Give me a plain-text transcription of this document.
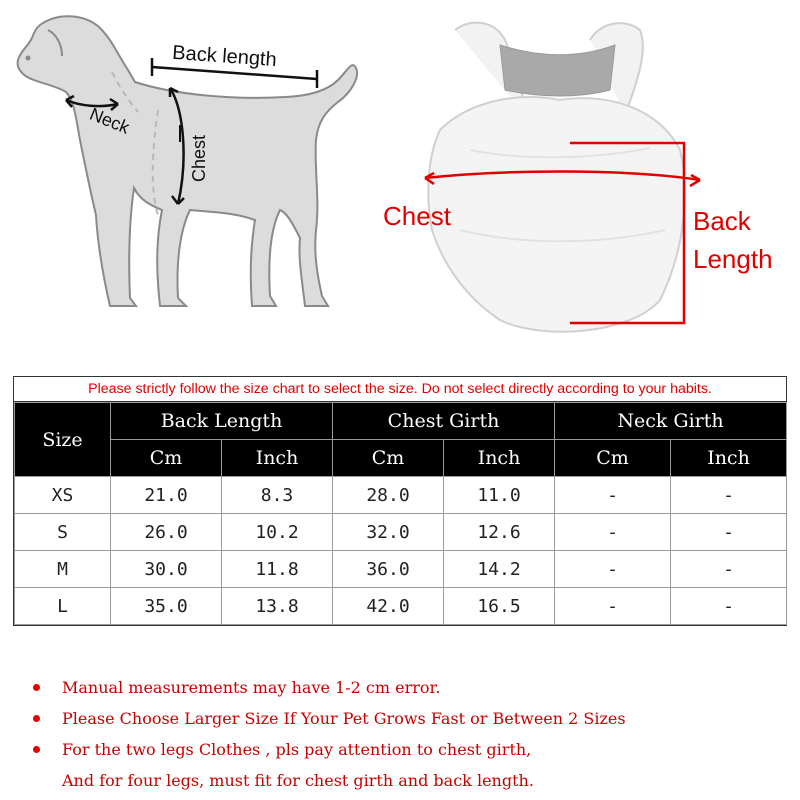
Back length
Neck
Chest
Chest	Back
Length
Please strictly follow the size chart to select the size. Do not select directly according to your habits.
Size	Back Length		Chest Girth		Neck Girth	
	Cm	Inch	Cm	Inch	Cm	Inch
XS	21.0	8.3	28.0	11.0	-	-
S	26.0	10.2	32.0	12.6	-	-
M	30.0	11.8	36.0	14.2	-	-
L	35.0	13.8	42.0	16.5	-	-
Manual measurements may have 1-2 cm error.
Please Choose Larger Size If Your Pet Grows Fast or Between 2 Sizes
For the two legs Clothes , pls pay attention to chest girth,
And for four legs, must fit for chest girth and back length.
